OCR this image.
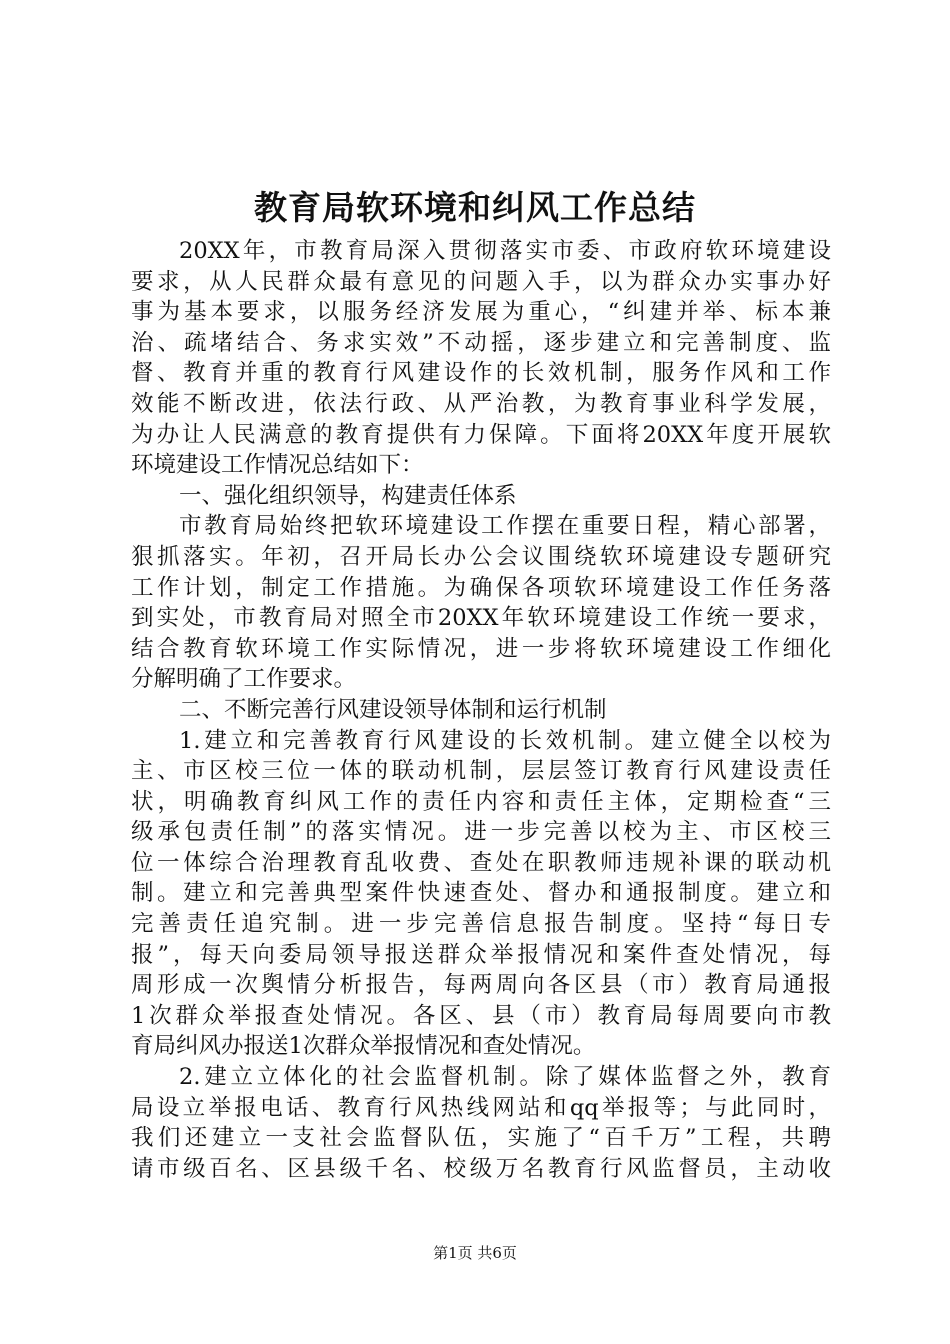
教育局软环境和纠风工作总结
20XX年，市教育局深入贯彻落实市委、市政府软环境建设
要求，从人民群众最有意见的问题入手，以为群众办实事办好
事为基本要求，以服务经济发展为重心，“纠建并举、标本兼
治、疏堵结合、务求实效”不动摇，逐步建立和完善制度、监
督、教育并重的教育行风建设作的长效机制，服务作风和工作
效能不断改进，依法行政、从严治教，为教育事业科学发展，
为办让人民满意的教育提供有力保障。下面将20XX年度开展软
环境建设工作情况总结如下：
一、强化组织领导，构建责任体系
市教育局始终把软环境建设工作摆在重要日程，精心部署，
狠抓落实。年初，召开局长办公会议围绕软环境建设专题研究
工作计划，制定工作措施。为确保各项软环境建设工作任务落
到实处，市教育局对照全市20XX年软环境建设工作统一要求，
结合教育软环境工作实际情况，进一步将软环境建设工作细化
分解明确了工作要求。
二、不断完善行风建设领导体制和运行机制
1.建立和完善教育行风建设的长效机制。建立健全以校为
主、市区校三位一体的联动机制，层层签订教育行风建设责任
状，明确教育纠风工作的责任内容和责任主体，定期检查“三
级承包责任制”的落实情况。进一步完善以校为主、市区校三
位一体综合治理教育乱收费、查处在职教师违规补课的联动机
制。建立和完善典型案件快速查处、督办和通报制度。建立和
完善责任追究制。进一步完善信息报告制度。坚持“每日专
报”，每天向委局领导报送群众举报情况和案件查处情况，每
周形成一次舆情分析报告，每两周向各区县（市）教育局通报
1次群众举报查处情况。各区、县（市）教育局每周要向市教
育局纠风办报送1次群众举报情况和查处情况。
2.建立立体化的社会监督机制。除了媒体监督之外，教育
局设立举报电话、教育行风热线网站和qq举报等；与此同时，
我们还建立一支社会监督队伍，实施了“百千万”工程，共聘
请市级百名、区县级千名、校级万名教育行风监督员，主动收
第1页 共6页
